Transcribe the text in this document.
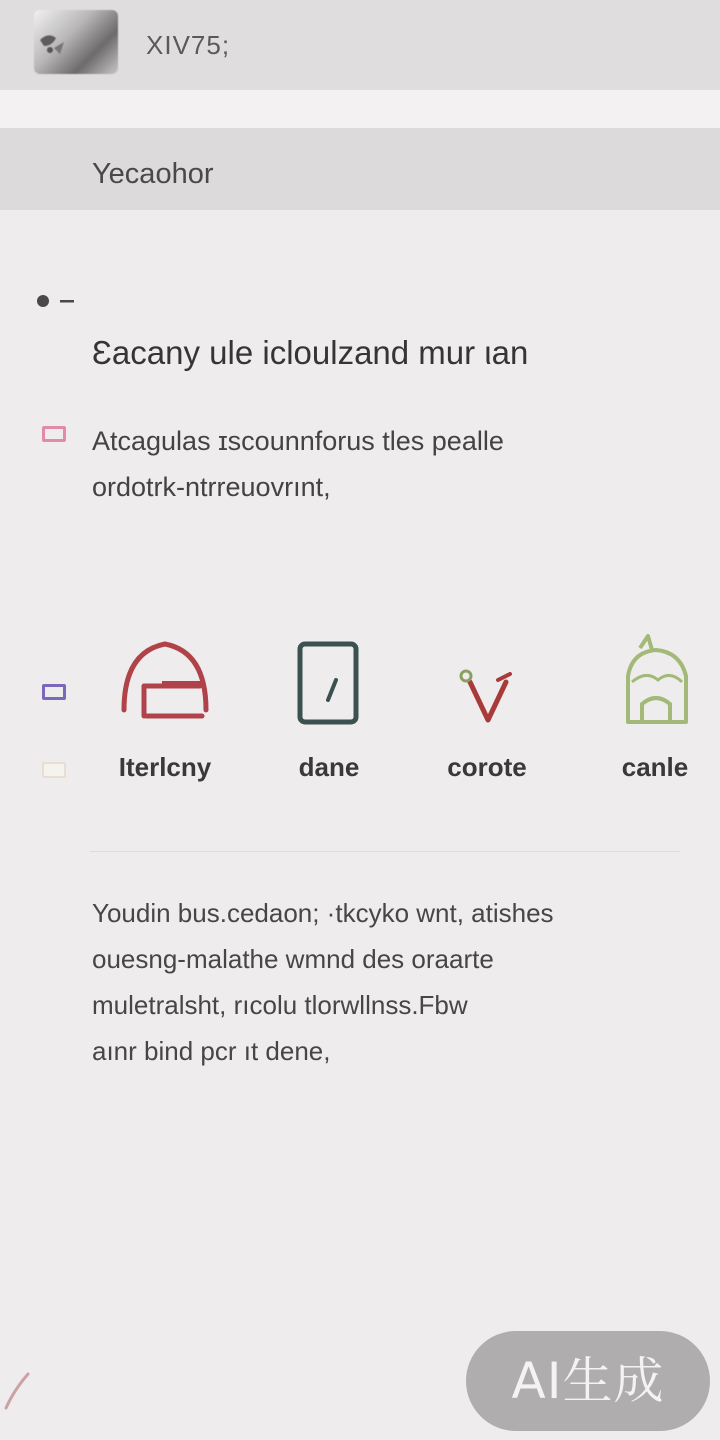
XIV75;
Yecaohor
Ɛacany ule icloulzand mur ιan
Atcagulas ɪscounnforus tles pealle
ordotrk-ntrreuovrınt,
Iterlcny	dane	corote	canle
Youdin bus.cedaon; ·tkcyko wnt, atishes
ouesng-malathe wmnd des oraarte
muletralsht, rıcolu tlorwllnss.Fbw
aınr bind pcr ıt dene,
AI生成
